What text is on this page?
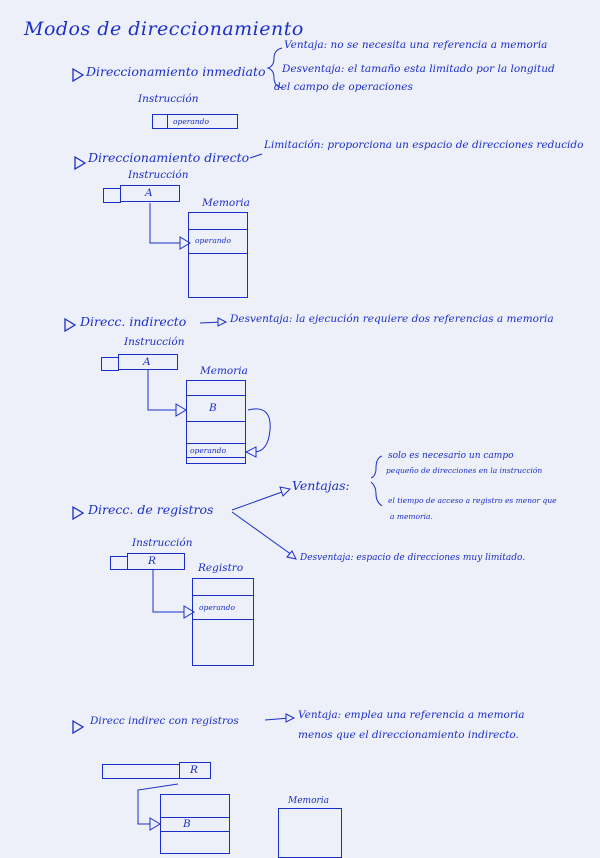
Modos de direccionamiento
Direccionamiento inmediato
Ventaja: no se necesita una referencia a memoria
Desventaja: el tamaño esta limitado por la longitud
del campo de operaciones
Instrucción
operando
Direccionamiento directo
Limitación: proporciona un espacio de direcciones reducido
Instrucción
A
Memoria
operando
Direcc. indirecto	Desventaja: la ejecución requiere dos referencias a memoria
Instrucción
A
Memoria
B
operando
Direcc. de registros
Ventajas:
solo es necesario un campo
pequeño de direcciones en la instrucción
el tiempo de acceso a registro es menor que
a memoria.
Desventaja: espacio de direcciones muy limitado.
Instrucción
R
Registro
operando
Direcc indirec con registros	Ventaja: emplea una referencia a memoria
menos que el direccionamiento indirecto.
R
B
Memoria
